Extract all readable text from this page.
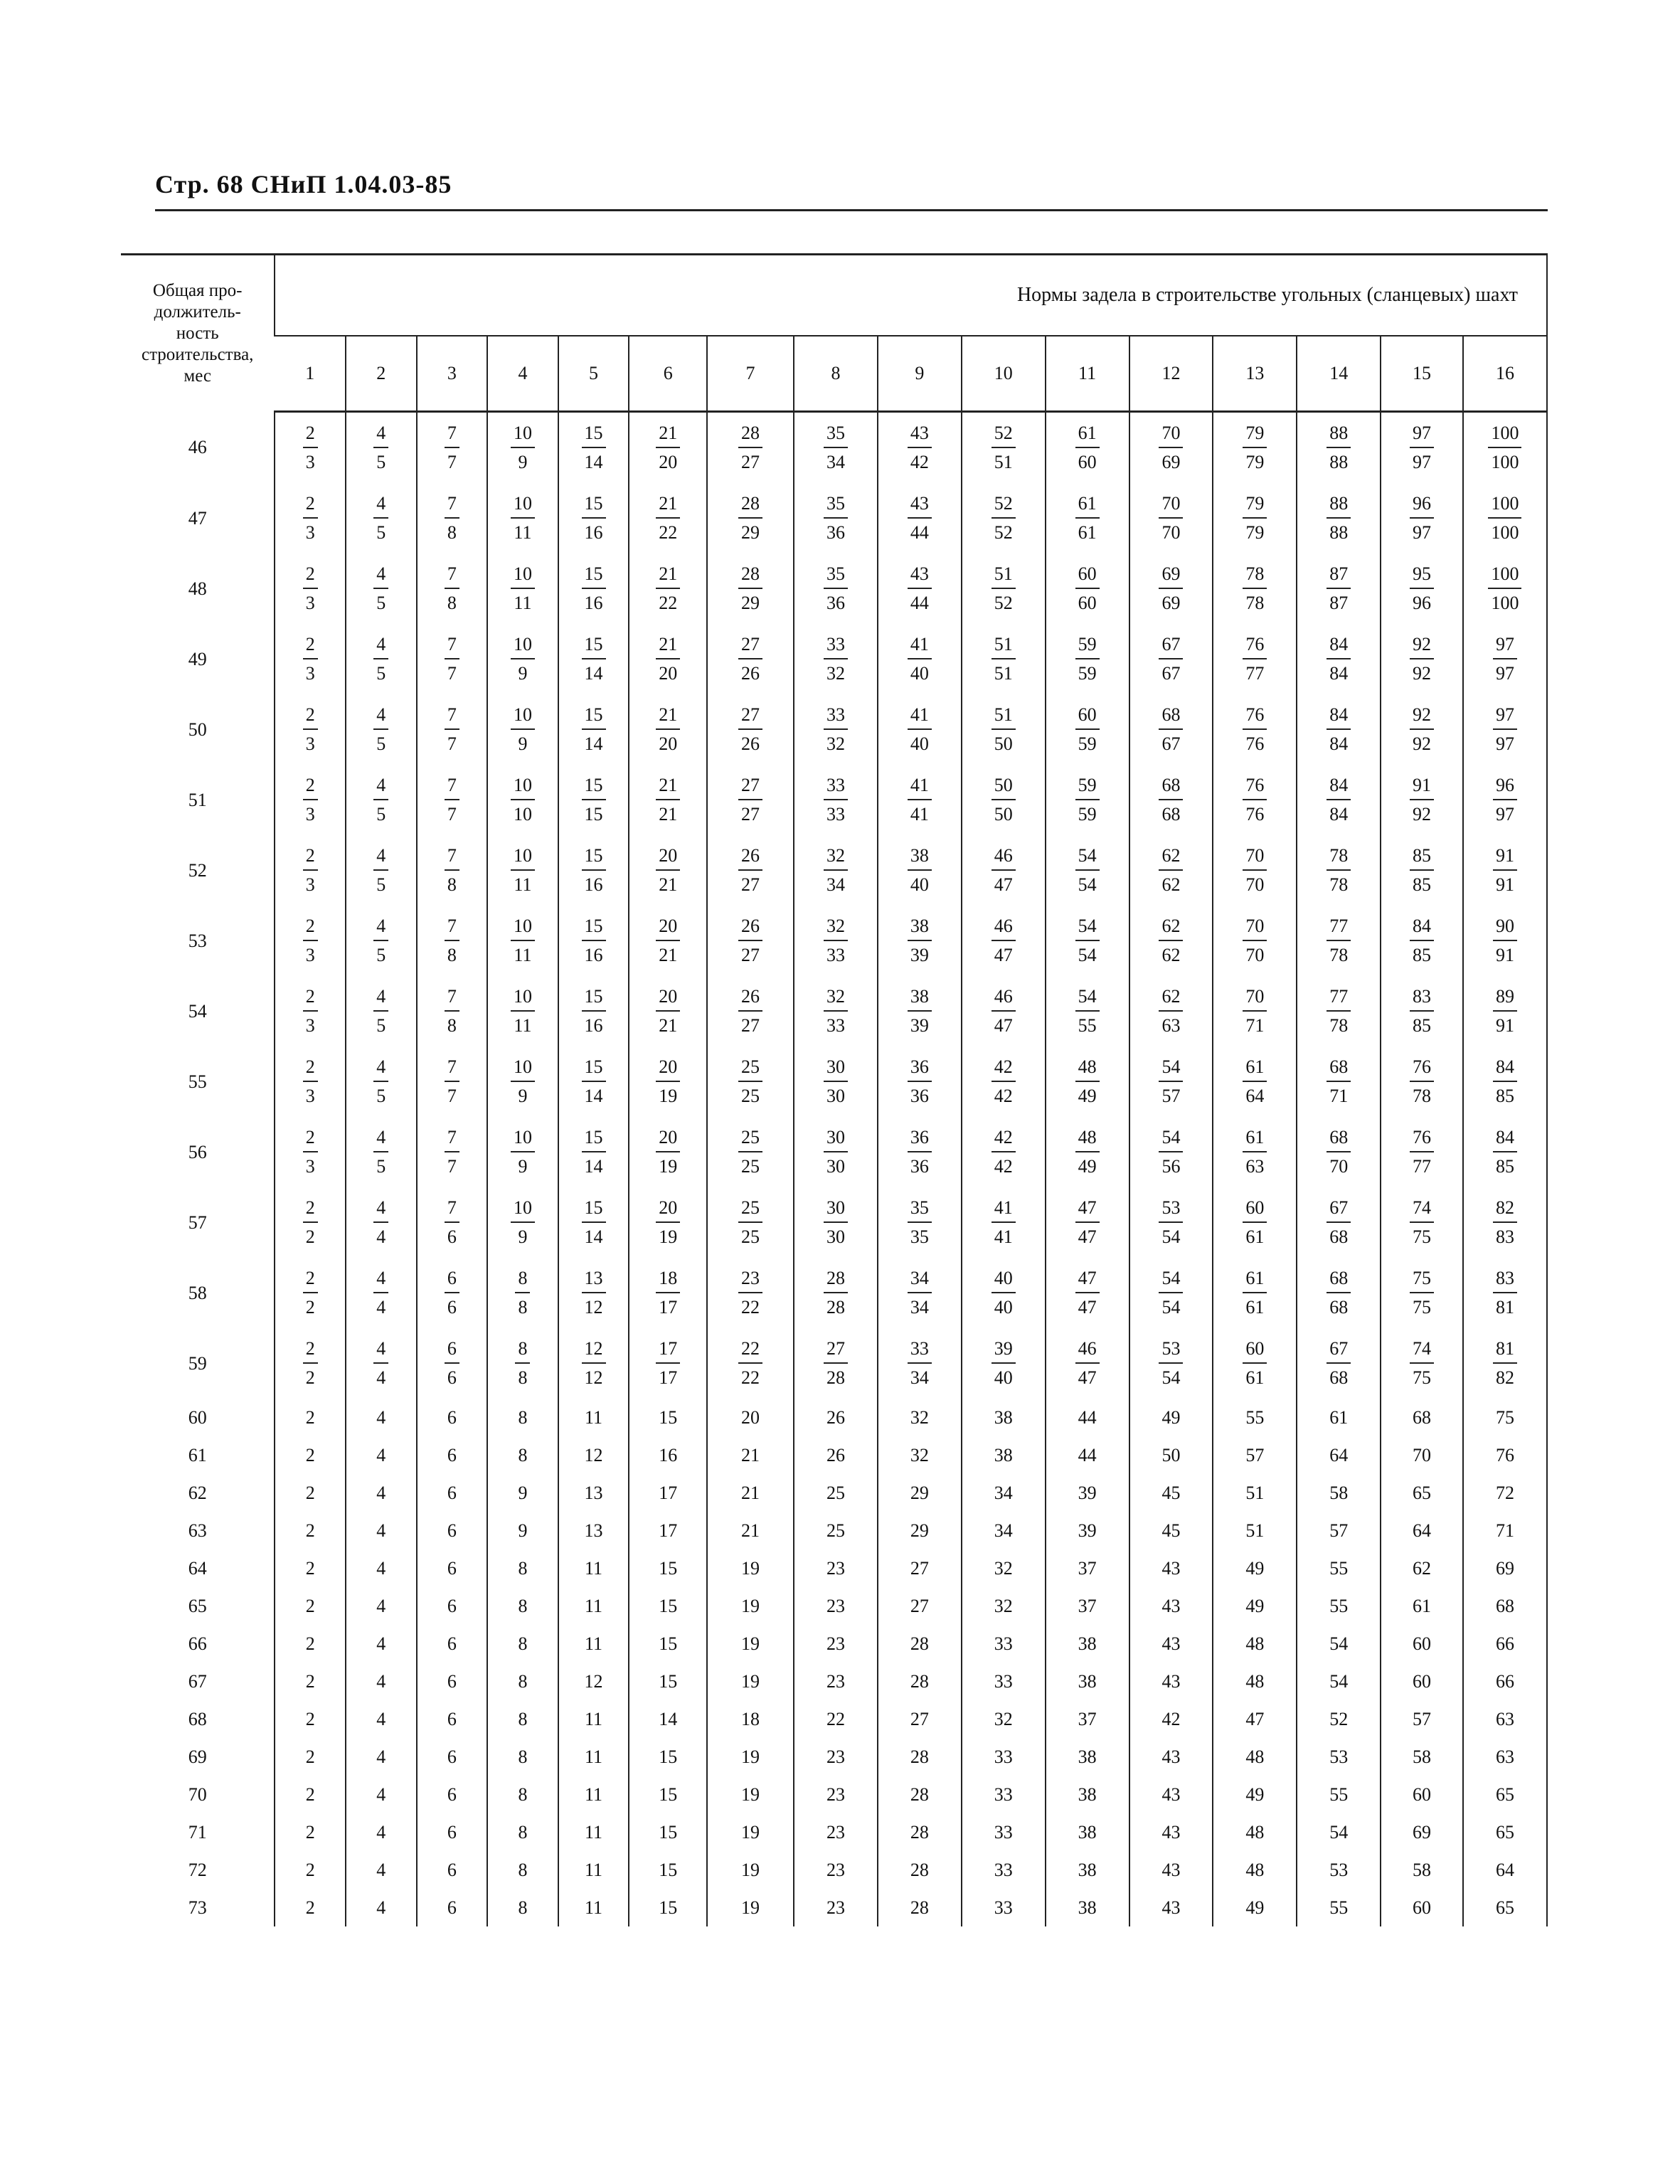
Стр. 68 СНиП 1.04.03-85
Общая про-
должитель-
ность
строительства,
мес	Нормы задела в строительстве угольных (сланцевых) шахт															
	1	2	3	4	5	6	7	8	9	10	11	12	13	14	15	16
46	$\frac{2}{3}$	$\frac{4}{5}$	$\frac{7}{7}$	$\frac{10}{9}$	$\frac{15}{14}$	$\frac{21}{20}$	$\frac{28}{27}$	$\frac{35}{34}$	$\frac{43}{42}$	$\frac{52}{51}$	$\frac{61}{60}$	$\frac{70}{69}$	$\frac{79}{79}$	$\frac{88}{88}$	$\frac{97}{97}$	$\frac{100}{100}$

47	$\frac{2}{3}$	$\frac{4}{5}$	$\frac{7}{8}$	$\frac{10}{11}$	$\frac{15}{16}$	$\frac{21}{22}$	$\frac{28}{29}$	$\frac{35}{36}$	$\frac{43}{44}$	$\frac{52}{52}$	$\frac{61}{61}$	$\frac{70}{70}$	$\frac{79}{79}$	$\frac{88}{88}$	$\frac{96}{97}$	$\frac{100}{100}$

48	$\frac{2}{3}$	$\frac{4}{5}$	$\frac{7}{8}$	$\frac{10}{11}$	$\frac{15}{16}$	$\frac{21}{22}$	$\frac{28}{29}$	$\frac{35}{36}$	$\frac{43}{44}$	$\frac{51}{52}$	$\frac{60}{60}$	$\frac{69}{69}$	$\frac{78}{78}$	$\frac{87}{87}$	$\frac{95}{96}$	$\frac{100}{100}$

49	$\frac{2}{3}$	$\frac{4}{5}$	$\frac{7}{7}$	$\frac{10}{9}$	$\frac{15}{14}$	$\frac{21}{20}$	$\frac{27}{26}$	$\frac{33}{32}$	$\frac{41}{40}$	$\frac{51}{51}$	$\frac{59}{59}$	$\frac{67}{67}$	$\frac{76}{77}$	$\frac{84}{84}$	$\frac{92}{92}$	$\frac{97}{97}$

50	$\frac{2}{3}$	$\frac{4}{5}$	$\frac{7}{7}$	$\frac{10}{9}$	$\frac{15}{14}$	$\frac{21}{20}$	$\frac{27}{26}$	$\frac{33}{32}$	$\frac{41}{40}$	$\frac{51}{50}$	$\frac{60}{59}$	$\frac{68}{67}$	$\frac{76}{76}$	$\frac{84}{84}$	$\frac{92}{92}$	$\frac{97}{97}$

51	$\frac{2}{3}$	$\frac{4}{5}$	$\frac{7}{7}$	$\frac{10}{10}$	$\frac{15}{15}$	$\frac{21}{21}$	$\frac{27}{27}$	$\frac{33}{33}$	$\frac{41}{41}$	$\frac{50}{50}$	$\frac{59}{59}$	$\frac{68}{68}$	$\frac{76}{76}$	$\frac{84}{84}$	$\frac{91}{92}$	$\frac{96}{97}$

52	$\frac{2}{3}$	$\frac{4}{5}$	$\frac{7}{8}$	$\frac{10}{11}$	$\frac{15}{16}$	$\frac{20}{21}$	$\frac{26}{27}$	$\frac{32}{34}$	$\frac{38}{40}$	$\frac{46}{47}$	$\frac{54}{54}$	$\frac{62}{62}$	$\frac{70}{70}$	$\frac{78}{78}$	$\frac{85}{85}$	$\frac{91}{91}$

53	$\frac{2}{3}$	$\frac{4}{5}$	$\frac{7}{8}$	$\frac{10}{11}$	$\frac{15}{16}$	$\frac{20}{21}$	$\frac{26}{27}$	$\frac{32}{33}$	$\frac{38}{39}$	$\frac{46}{47}$	$\frac{54}{54}$	$\frac{62}{62}$	$\frac{70}{70}$	$\frac{77}{78}$	$\frac{84}{85}$	$\frac{90}{91}$

54	$\frac{2}{3}$	$\frac{4}{5}$	$\frac{7}{8}$	$\frac{10}{11}$	$\frac{15}{16}$	$\frac{20}{21}$	$\frac{26}{27}$	$\frac{32}{33}$	$\frac{38}{39}$	$\frac{46}{47}$	$\frac{54}{55}$	$\frac{62}{63}$	$\frac{70}{71}$	$\frac{77}{78}$	$\frac{83}{85}$	$\frac{89}{91}$

55	$\frac{2}{3}$	$\frac{4}{5}$	$\frac{7}{7}$	$\frac{10}{9}$	$\frac{15}{14}$	$\frac{20}{19}$	$\frac{25}{25}$	$\frac{30}{30}$	$\frac{36}{36}$	$\frac{42}{42}$	$\frac{48}{49}$	$\frac{54}{57}$	$\frac{61}{64}$	$\frac{68}{71}$	$\frac{76}{78}$	$\frac{84}{85}$

56	$\frac{2}{3}$	$\frac{4}{5}$	$\frac{7}{7}$	$\frac{10}{9}$	$\frac{15}{14}$	$\frac{20}{19}$	$\frac{25}{25}$	$\frac{30}{30}$	$\frac{36}{36}$	$\frac{42}{42}$	$\frac{48}{49}$	$\frac{54}{56}$	$\frac{61}{63}$	$\frac{68}{70}$	$\frac{76}{77}$	$\frac{84}{85}$

57	$\frac{2}{2}$	$\frac{4}{4}$	$\frac{7}{6}$	$\frac{10}{9}$	$\frac{15}{14}$	$\frac{20}{19}$	$\frac{25}{25}$	$\frac{30}{30}$	$\frac{35}{35}$	$\frac{41}{41}$	$\frac{47}{47}$	$\frac{53}{54}$	$\frac{60}{61}$	$\frac{67}{68}$	$\frac{74}{75}$	$\frac{82}{83}$

58	$\frac{2}{2}$	$\frac{4}{4}$	$\frac{6}{6}$	$\frac{8}{8}$	$\frac{13}{12}$	$\frac{18}{17}$	$\frac{23}{22}$	$\frac{28}{28}$	$\frac{34}{34}$	$\frac{40}{40}$	$\frac{47}{47}$	$\frac{54}{54}$	$\frac{61}{61}$	$\frac{68}{68}$	$\frac{75}{75}$	$\frac{83}{81}$

59	$\frac{2}{2}$	$\frac{4}{4}$	$\frac{6}{6}$	$\frac{8}{8}$	$\frac{12}{12}$	$\frac{17}{17}$	$\frac{22}{22}$	$\frac{27}{28}$	$\frac{33}{34}$	$\frac{39}{40}$	$\frac{46}{47}$	$\frac{53}{54}$	$\frac{60}{61}$	$\frac{67}{68}$	$\frac{74}{75}$	$\frac{81}{82}$

60	2	4	6	8	11	15	20	26	32	38	44	49	55	61	68	75
61	2	4	6	8	12	16	21	26	32	38	44	50	57	64	70	76
62	2	4	6	9	13	17	21	25	29	34	39	45	51	58	65	72
63	2	4	6	9	13	17	21	25	29	34	39	45	51	57	64	71
64	2	4	6	8	11	15	19	23	27	32	37	43	49	55	62	69
65	2	4	6	8	11	15	19	23	27	32	37	43	49	55	61	68
66	2	4	6	8	11	15	19	23	28	33	38	43	48	54	60	66
67	2	4	6	8	12	15	19	23	28	33	38	43	48	54	60	66
68	2	4	6	8	11	14	18	22	27	32	37	42	47	52	57	63
69	2	4	6	8	11	15	19	23	28	33	38	43	48	53	58	63
70	2	4	6	8	11	15	19	23	28	33	38	43	49	55	60	65
71	2	4	6	8	11	15	19	23	28	33	38	43	48	54	69	65
72	2	4	6	8	11	15	19	23	28	33	38	43	48	53	58	64
73	2	4	6	8	11	15	19	23	28	33	38	43	49	55	60	65
